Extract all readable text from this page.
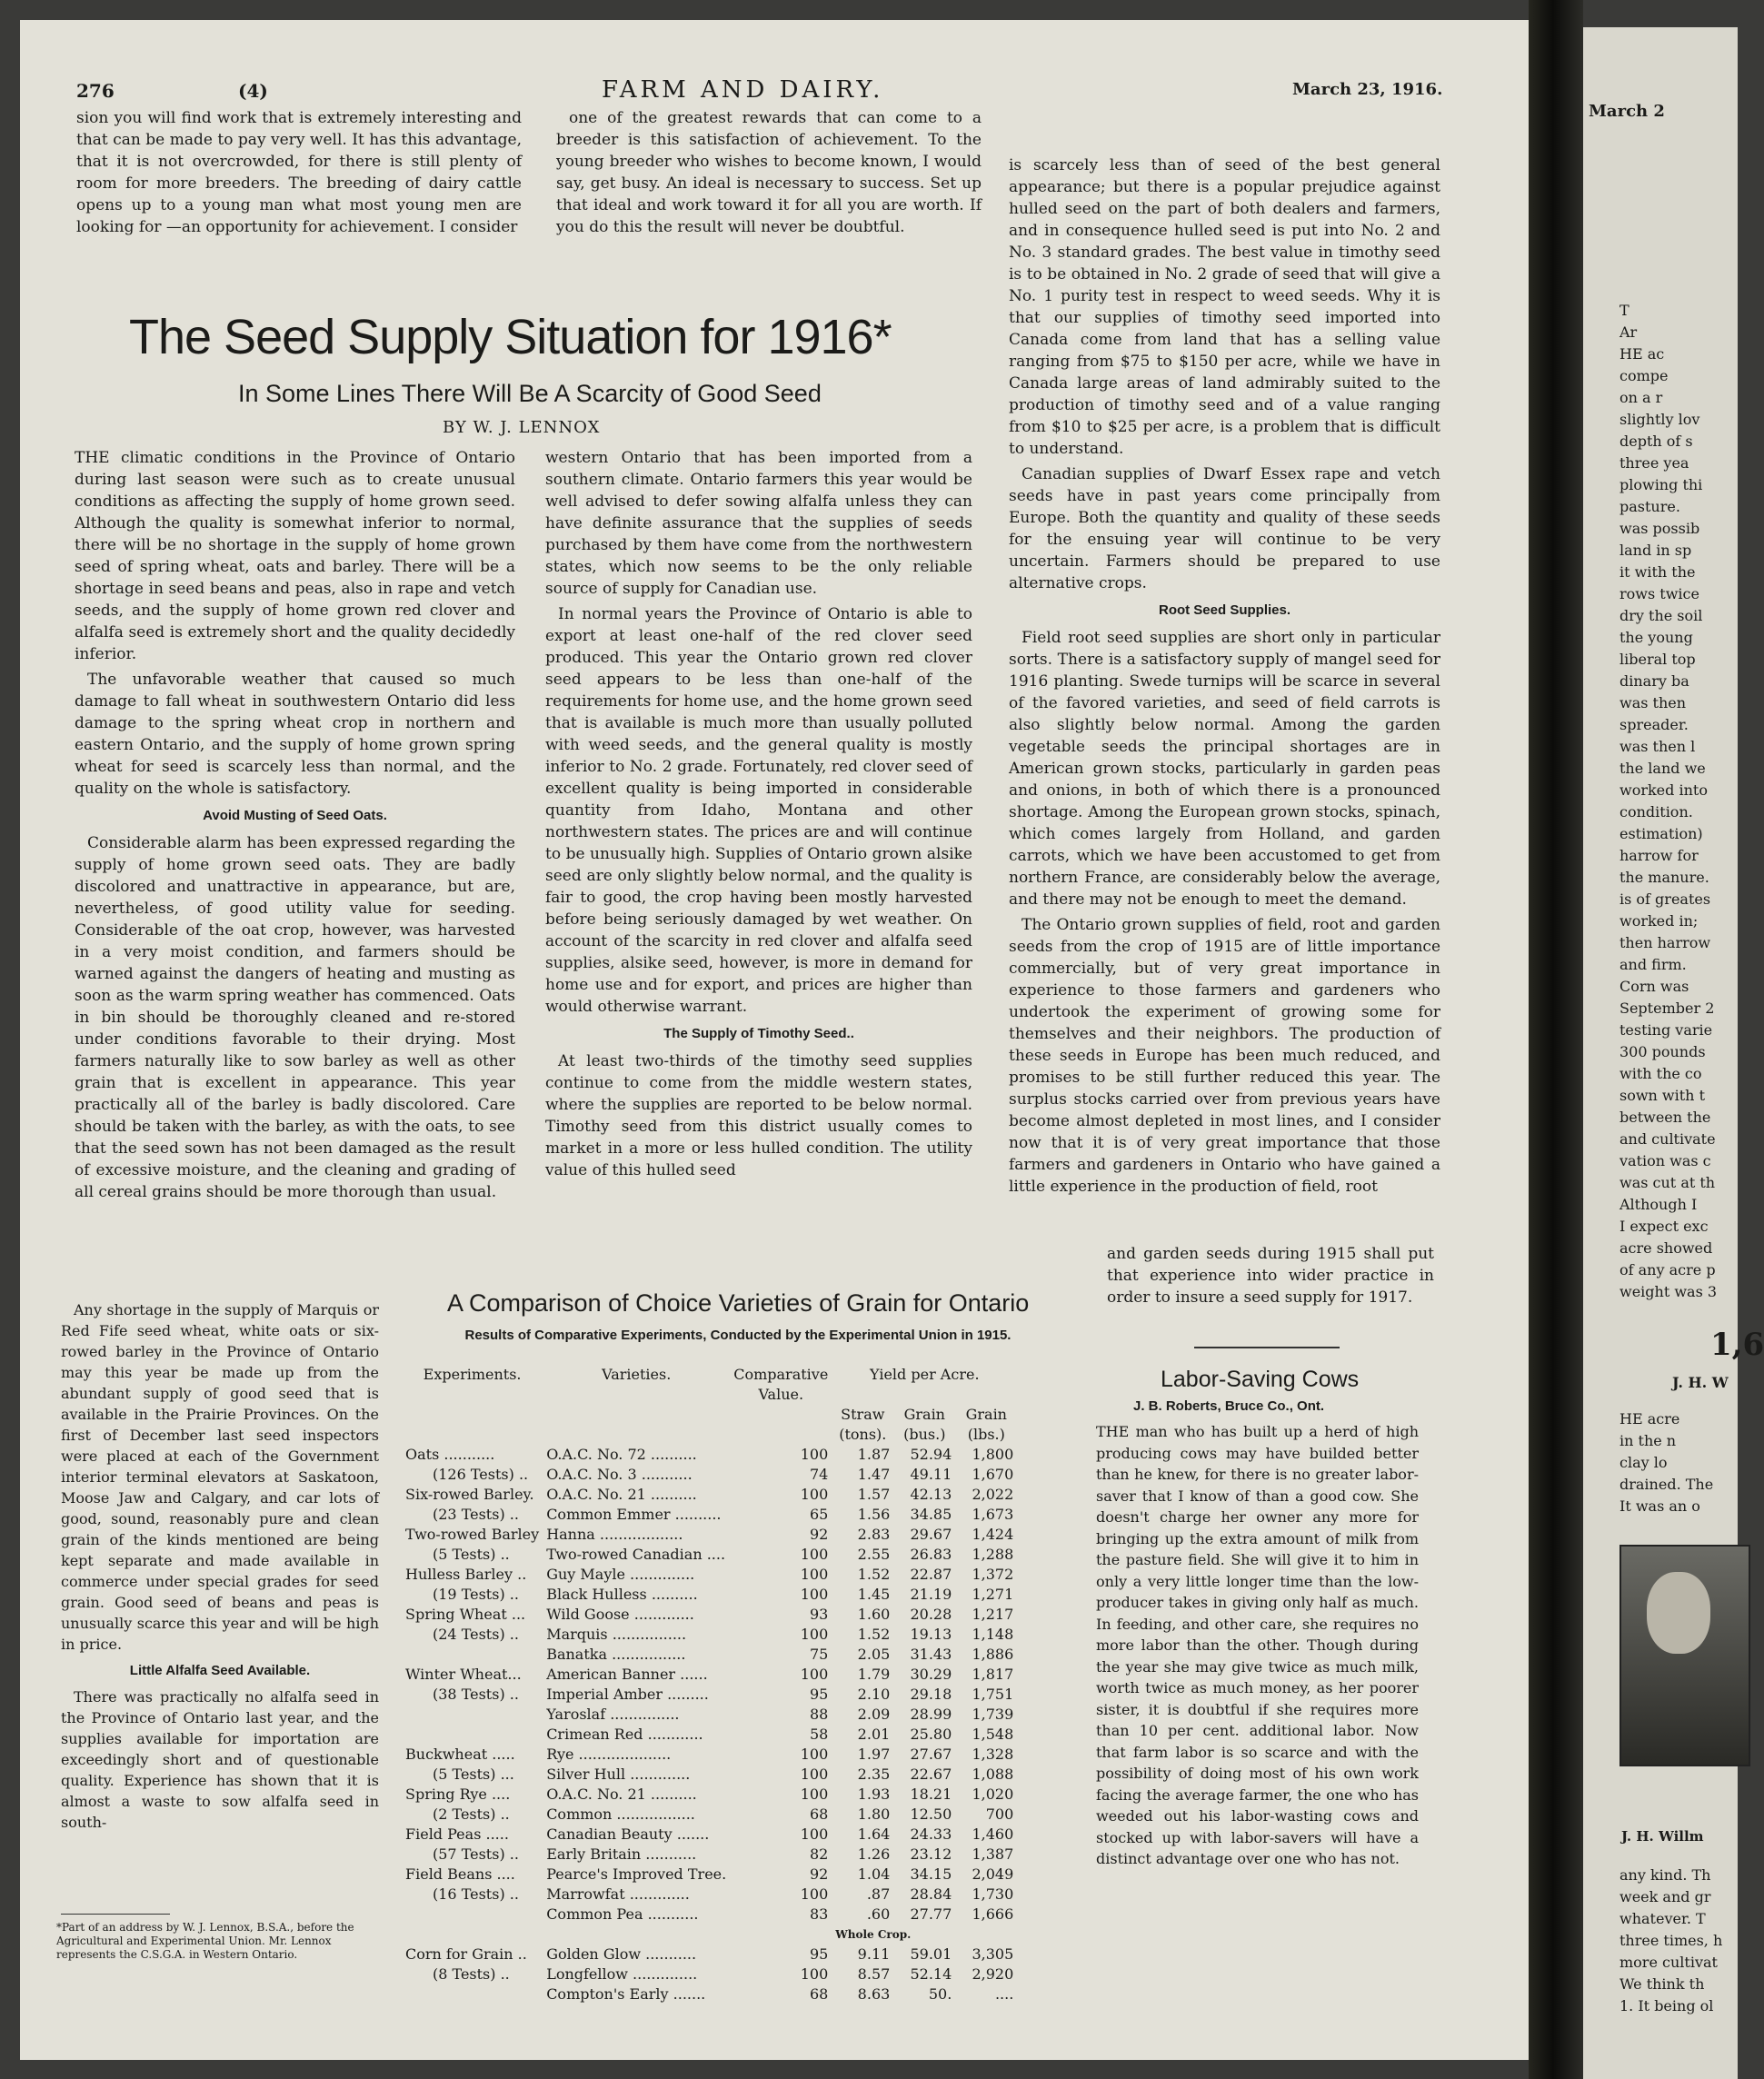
276	(4)	FARM AND DAIRY.	March 23, 1916.

sion you will find work that is extremely interesting and that can be made to pay very well. It has this advantage, that it is not overcrowded, for there is still plenty of room for more breeders. The breeding of dairy cattle opens up to a young man what most young men are looking for —an opportunity for achievement. I consider

one of the greatest rewards that can come to a breeder is this satisfaction of achievement. To the young breeder who wishes to become known, I would say, get busy. An ideal is necessary to success. Set up that ideal and work toward it for all you are worth. If you do this the result will never be doubtful.

The Seed Supply Situation for 1916*
In Some Lines There Will Be A Scarcity of Good Seed
BY W. J. LENNOX

THE climatic conditions in the Province of Ontario during last season were such as to create unusual conditions as affecting the supply of home grown seed. Although the quality is somewhat inferior to normal, there will be no shortage in the supply of home grown seed of spring wheat, oats and barley. There will be a shortage in seed beans and peas, also in rape and vetch seeds, and the supply of home grown red clover and alfalfa seed is extremely short and the quality decidedly inferior.

The unfavorable weather that caused so much damage to fall wheat in southwestern Ontario did less damage to the spring wheat crop in northern and eastern Ontario, and the supply of home grown spring wheat for seed is scarcely less than normal, and the quality on the whole is satisfactory.

Avoid Musting of Seed Oats.

Considerable alarm has been expressed regarding the supply of home grown seed oats. They are badly discolored and unattractive in appearance, but are, nevertheless, of good utility value for seeding. Considerable of the oat crop, however, was harvested in a very moist condition, and farmers should be warned against the dangers of heating and musting as soon as the warm spring weather has commenced. Oats in bin should be thoroughly cleaned and re-stored under conditions favorable to their drying. Most farmers naturally like to sow barley as well as other grain that is excellent in appearance. This year practically all of the barley is badly discolored. Care should be taken with the barley, as with the oats, to see that the seed sown has not been damaged as the result of excessive moisture, and the cleaning and grading of all cereal grains should be more thorough than usual.

Any shortage in the supply of Marquis or Red Fife seed wheat, white oats or six-rowed barley in the Province of Ontario may this year be made up from the abundant supply of good seed that is available in the Prairie Provinces. On the first of December last seed inspectors were placed at each of the Government interior terminal elevators at Saskatoon, Moose Jaw and Calgary, and car lots of good, sound, reasonably pure and clean grain of the kinds mentioned are being kept separate and made available in commerce under special grades for seed grain. Good seed of beans and peas is unusually scarce this year and will be high in price.

Little Alfalfa Seed Available.

There was practically no alfalfa seed in the Province of Ontario last year, and the supplies available for importation are exceedingly short and of questionable quality. Experience has shown that it is almost a waste to sow alfalfa seed in south-

*Part of an address by W. J. Lennox, B.S.A., before the Agricultural and Experimental Union. Mr. Lennox represents the C.S.G.A. in Western Ontario.

western Ontario that has been imported from a southern climate. Ontario farmers this year would be well advised to defer sowing alfalfa unless they can have definite assurance that the supplies of seeds purchased by them have come from the northwestern states, which now seems to be the only reliable source of supply for Canadian use.

In normal years the Province of Ontario is able to export at least one-half of the red clover seed produced. This year the Ontario grown red clover seed appears to be less than one-half of the requirements for home use, and the home grown seed that is available is much more than usually polluted with weed seeds, and the general quality is mostly inferior to No. 2 grade. Fortunately, red clover seed of excellent quality is being imported in considerable quantity from Idaho, Montana and other northwestern states. The prices are and will continue to be unusually high. Supplies of Ontario grown alsike seed are only slightly below normal, and the quality is fair to good, the crop having been mostly harvested before being seriously damaged by wet weather. On account of the scarcity in red clover and alfalfa seed supplies, alsike seed, however, is more in demand for home use and for export, and prices are higher than would otherwise warrant.

The Supply of Timothy Seed..

At least two-thirds of the timothy seed supplies continue to come from the middle western states, where the supplies are reported to be below normal. Timothy seed from this district usually comes to market in a more or less hulled condition. The utility value of this hulled seed

is scarcely less than of seed of the best general appearance; but there is a popular prejudice against hulled seed on the part of both dealers and farmers, and in consequence hulled seed is put into No. 2 and No. 3 standard grades. The best value in timothy seed is to be obtained in No. 2 grade of seed that will give a No. 1 purity test in respect to weed seeds. Why it is that our supplies of timothy seed imported into Canada come from land that has a selling value ranging from $75 to $150 per acre, while we have in Canada large areas of land admirably suited to the production of timothy seed and of a value ranging from $10 to $25 per acre, is a problem that is difficult to understand.

Canadian supplies of Dwarf Essex rape and vetch seeds have in past years come principally from Europe. Both the quantity and quality of these seeds for the ensuing year will continue to be very uncertain. Farmers should be prepared to use alternative crops.

Root Seed Supplies.

Field root seed supplies are short only in particular sorts. There is a satisfactory supply of mangel seed for 1916 planting. Swede turnips will be scarce in several of the favored varieties, and seed of field carrots is also slightly below normal. Among the garden vegetable seeds the principal shortages are in American grown stocks, particularly in garden peas and onions, in both of which there is a pronounced shortage. Among the European grown stocks, spinach, which comes largely from Holland, and garden carrots, which we have been accustomed to get from northern France, are considerably below the average, and there may not be enough to meet the demand.

The Ontario grown supplies of field, root and garden seeds from the crop of 1915 are of little importance commercially, but of very great importance in experience to those farmers and gardeners who undertook the experiment of growing some for themselves and their neighbors. The production of these seeds in Europe has been much reduced, and promises to be still further reduced this year. The surplus stocks carried over from previous years have become almost depleted in most lines, and I consider now that it is of very great importance that those farmers and gardeners in Ontario who have gained a little experience in the production of field, root

and garden seeds during 1915 shall put that experience into wider practice in order to insure a seed supply for 1917.

A Comparison of Choice Varieties of Grain for Ontario
Results of Comparative Experiments, Conducted by the Experimental Union in 1915.
Experiments.	Varieties.	Comparative Value.	Yield per Acre.		
			Straw (tons).	Grain (bus.)	Grain (lbs.)
Oats ...........	O.A.C. No. 72 ..........	100	1.87	52.94	1,800
(126 Tests) ..	O.A.C. No. 3 ...........	74	1.47	49.11	1,670
Six-rowed Barley.	O.A.C. No. 21 ..........	100	1.57	42.13	2,022
(23 Tests) ..	Common Emmer ..........	65	1.56	34.85	1,673
Two-rowed Barley	Hanna ..................	92	2.83	29.67	1,424
(5 Tests) ..	Two-rowed Canadian ....	100	2.55	26.83	1,288
Hulless Barley ..	Guy Mayle ..............	100	1.52	22.87	1,372
(19 Tests) ..	Black Hulless ..........	100	1.45	21.19	1,271
Spring Wheat ...	Wild Goose .............	93	1.60	20.28	1,217
(24 Tests) ..	Marquis ................	100	1.52	19.13	1,148
	Banatka ................	75	2.05	31.43	1,886
Winter Wheat...	American Banner ......	100	1.79	30.29	1,817
(38 Tests) ..	Imperial Amber .........	95	2.10	29.18	1,751
	Yaroslaf ...............	88	2.09	28.99	1,739
	Crimean Red ............	58	2.01	25.80	1,548
Buckwheat .....	Rye ....................	100	1.97	27.67	1,328
(5 Tests) ...	Silver Hull .............	100	2.35	22.67	1,088
Spring Rye ....	O.A.C. No. 21 ..........	100	1.93	18.21	1,020
(2 Tests) ..	Common .................	68	1.80	12.50	700
Field Peas .....	Canadian Beauty .......	100	1.64	24.33	1,460
(57 Tests) ..	Early Britain ...........	82	1.26	23.12	1,387
Field Beans ....	Pearce's Improved Tree.	92	1.04	34.15	2,049
(16 Tests) ..	Marrowfat .............	100	.87	28.84	1,730
	Common Pea ...........	83	.60	27.77	1,666
			Whole Crop.		
Corn for Grain ..	Golden Glow ...........	95	9.11	59.01	3,305
(8 Tests) ..	Longfellow ..............	100	8.57	52.14	2,920
	Compton's Early .......	68	8.63	50.	....
Labor-Saving Cows
J. B. Roberts, Bruce Co., Ont.

THE man who has built up a herd of high producing cows may have builded better than he knew, for there is no greater labor-saver that I know of than a good cow. She doesn't charge her owner any more for bringing up the extra amount of milk from the pasture field. She will give it to him in only a very little longer time than the low-producer takes in giving only half as much. In feeding, and other care, she requires no more labor than the other. Though during the year she may give twice as much milk, worth twice as much money, as her poorer sister, it is doubtful if she requires more than 10 per cent. additional labor. Now that farm labor is so scarce and with the possibility of doing most of his own work facing the average farmer, the one who has weeded out his labor-wasting cows and stocked up with labor-savers will have a distinct advantage over one who has not.

March 2
T
Ar
HE ac
compe
on a r
slightly lov
depth of s
three yea
plowing thi
pasture.
was possib
land in sp
it with the
rows twice
dry the soil
the young
liberal top
dinary ba
was then
spreader.
was then l
the land we
worked into
condition.
estimation)
harrow for
the manure.
is of greates
worked in;
then harrow
and firm.
Corn was
September 2
testing varie
300 pounds
with the co
sown with t
between the
and cultivate
vation was c
was cut at th
Although I
I expect exc
acre showed
of any acre p
weight was 3
1,6
J. H. W
HE acre
in the n
clay lo
drained. The
It was an o
J. H. Willm
any kind. Th
week and gr
whatever. T
three times, h
more cultivat
We think th
1. It being ol
